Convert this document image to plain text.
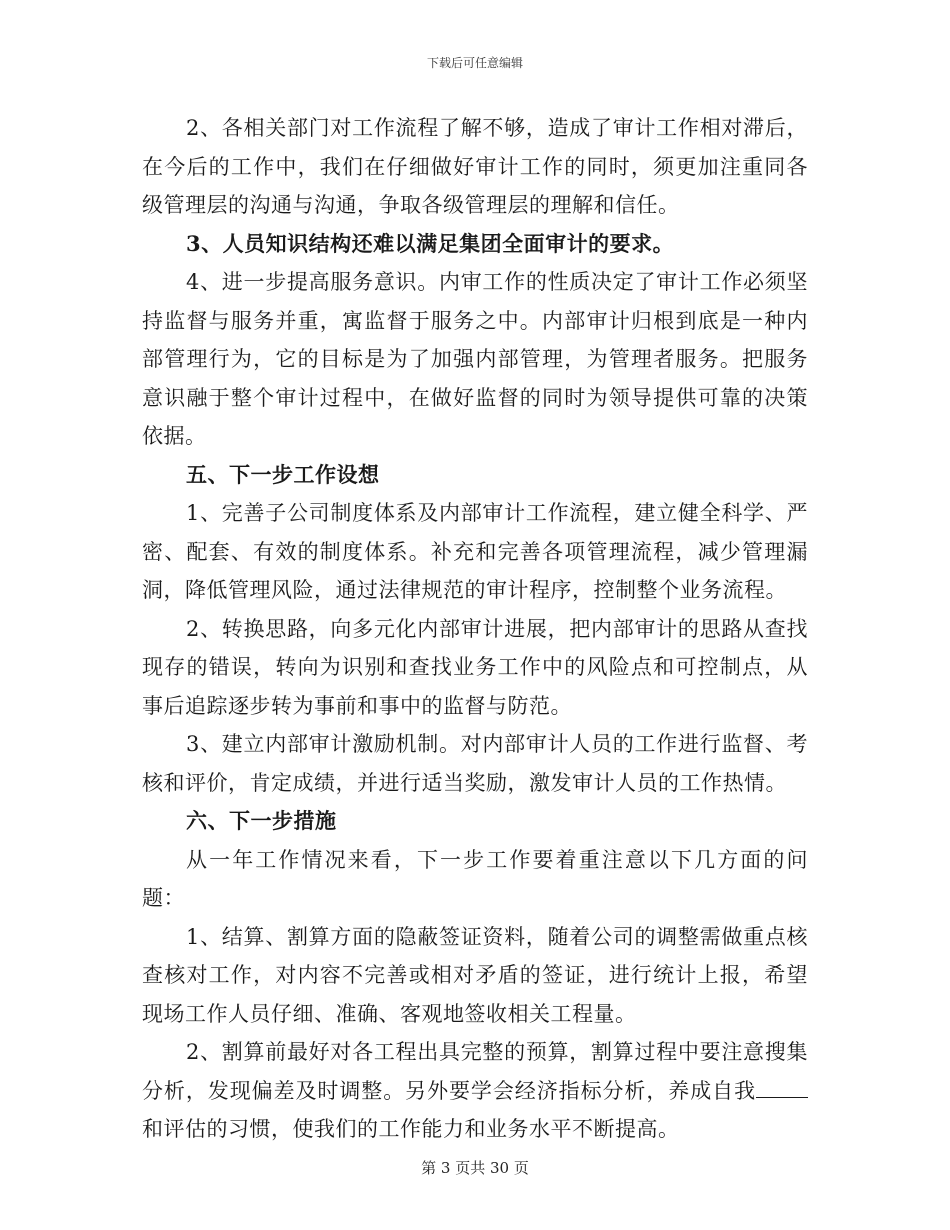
下载后可任意编辑

2、各相关部门对工作流程了解不够，造成了审计工作相对滞后，在今后的工作中，我们在仔细做好审计工作的同时，须更加注重同各级管理层的沟通与沟通，争取各级管理层的理解和信任。

3、人员知识结构还难以满足集团全面审计的要求。

4、进一步提高服务意识。内审工作的性质决定了审计工作必须坚持监督与服务并重，寓监督于服务之中。内部审计归根到底是一种内部管理行为，它的目标是为了加强内部管理，为管理者服务。把服务意识融于整个审计过程中，在做好监督的同时为领导提供可靠的决策依据。

五、下一步工作设想

1、完善子公司制度体系及内部审计工作流程，建立健全科学、严密、配套、有效的制度体系。补充和完善各项管理流程，减少管理漏洞，降低管理风险，通过法律规范的审计程序，控制整个业务流程。

2、转换思路，向多元化内部审计进展，把内部审计的思路从查找现存的错误，转向为识别和查找业务工作中的风险点和可控制点，从事后追踪逐步转为事前和事中的监督与防范。

3、建立内部审计激励机制。对内部审计人员的工作进行监督、考核和评价，肯定成绩，并进行适当奖励，激发审计人员的工作热情。

六、下一步措施

从一年工作情况来看，下一步工作要着重注意以下几方面的问题：

1、结算、割算方面的隐蔽签证资料，随着公司的调整需做重点核查核对工作，对内容不完善或相对矛盾的签证，进行统计上报，希望现场工作人员仔细、准确、客观地签收相关工程量。

2、割算前最好对各工程出具完整的预算，割算过程中要注意搜集分析，发现偏差及时调整。另外要学会经济指标分析，养成自我和评估的习惯，使我们的工作能力和业务水平不断提高。

第 3 页共 30 页
